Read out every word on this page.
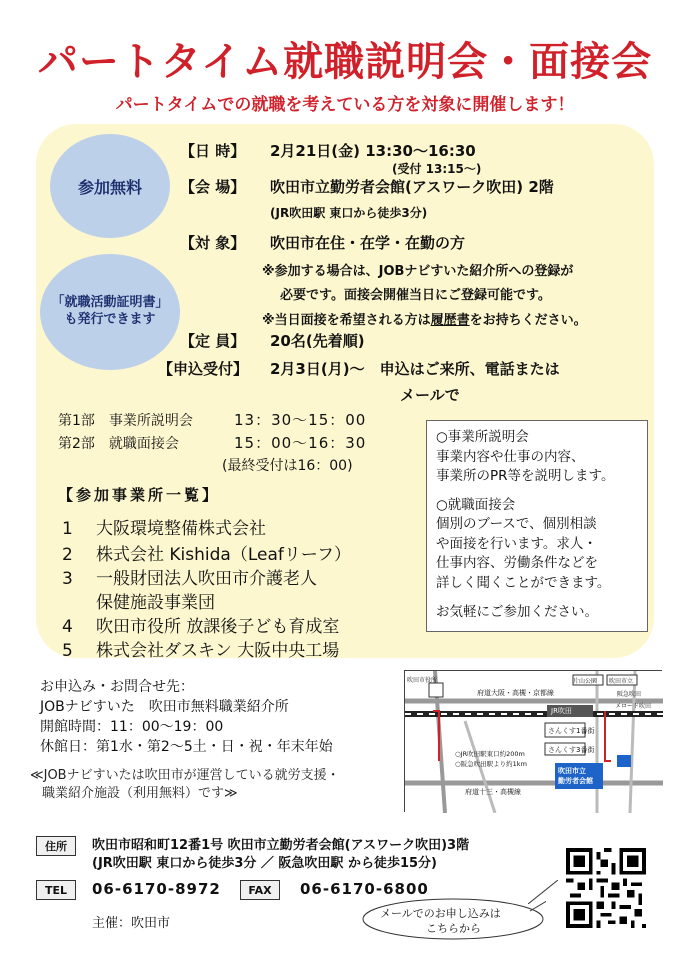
パートタイム就職説明会・面接会
パートタイムでの就職を考えている方を対象に開催します！
参加無料
「就職活動証明書」
も発行できます
【日 時】 2月21日(金) 13:30～16:30
(受付 13:15～)
【会 場】 吹田市立勤労者会館(アスワーク吹田) 2階
(JR吹田駅 東口から徒歩3分)
【対 象】 吹田市在住・在学・在勤の方
※参加する場合は、JOBナビすいた紹介所への登録が
必要です。面接会開催当日にご登録可能です。
※当日面接を希望される方は履歴書をお持ちください。
【定 員】 20名(先着順)
【申込受付】 2月3日(月)～　申込はご来所、電話または
メールで
第1部　事業所説明会	13：30～15：00
第2部　就職面接会	15：00～16：30
(最終受付は16：00)

○事業所説明会

事業内容や仕事の内容、

事業所のPR等を説明します。

○就職面接会

個別のブースで、個別相談

や面接を行います。求人・

仕事内容、労働条件などを

詳しく聞くことができます。

お気軽にご参加ください。

【参加事業所一覧】
1 大阪環境整備株式会社
2 株式会社 Kishida（Leafリーフ）
3 一般財団法人吹田市介護老人
保健施設事業団
4 吹田市役所 放課後子ども育成室
5 株式会社ダスキン 大阪中央工場
お申込み・お問合せ先：
JOBナビすいた　吹田市無料職業紹介所
開館時間：11：00～19：00
休館日：第1水・第2～5土・日・祝・年末年始
≪JOBナビすいたは吹田市が運営している就労支援・
職業紹介施設（利用無料）です≫
府道大阪・高槻・京都線
JR吹田
さんくす1番街
さんくす3番街
府道十三・高槻線
吹田市立
勤労者会館
○JR吹田駅東口約200m
○阪急吹田駅より約1km
吹田市役所	片山公園 吹田市立
メロード吹田
阪急吹田
住所	吹田市昭和町12番1号 吹田市立勤労者会館(アスワーク吹田)3階
(JR吹田駅 東口から徒歩3分 ／ 阪急吹田駅 から徒歩15分)
TEL	06-6170-8972	FAX	06-6170-6800
主催：吹田市
メールでのお申し込みは
こちらから
